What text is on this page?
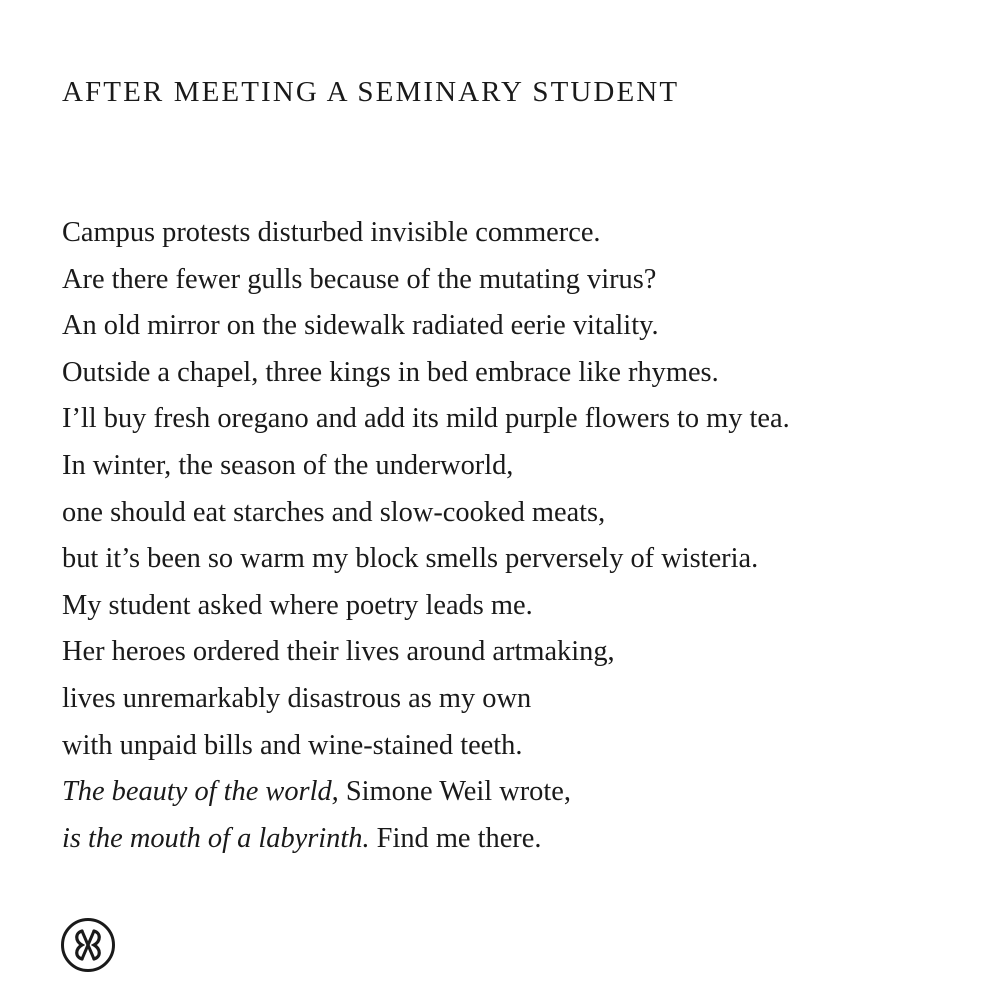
AFTER MEETING A SEMINARY STUDENT
Campus protests disturbed invisible commerce.
Are there fewer gulls because of the mutating virus?
An old mirror on the sidewalk radiated eerie vitality.
Outside a chapel, three kings in bed embrace like rhymes.
I’ll buy fresh oregano and add its mild purple flowers to my tea.
In winter, the season of the underworld,
one should eat starches and slow-cooked meats,
but it’s been so warm my block smells perversely of wisteria.
My student asked where poetry leads me.
Her heroes ordered their lives around artmaking,
lives unremarkably disastrous as my own
with unpaid bills and wine-stained teeth.
The beauty of the world, Simone Weil wrote,
is the mouth of a labyrinth. Find me there.
